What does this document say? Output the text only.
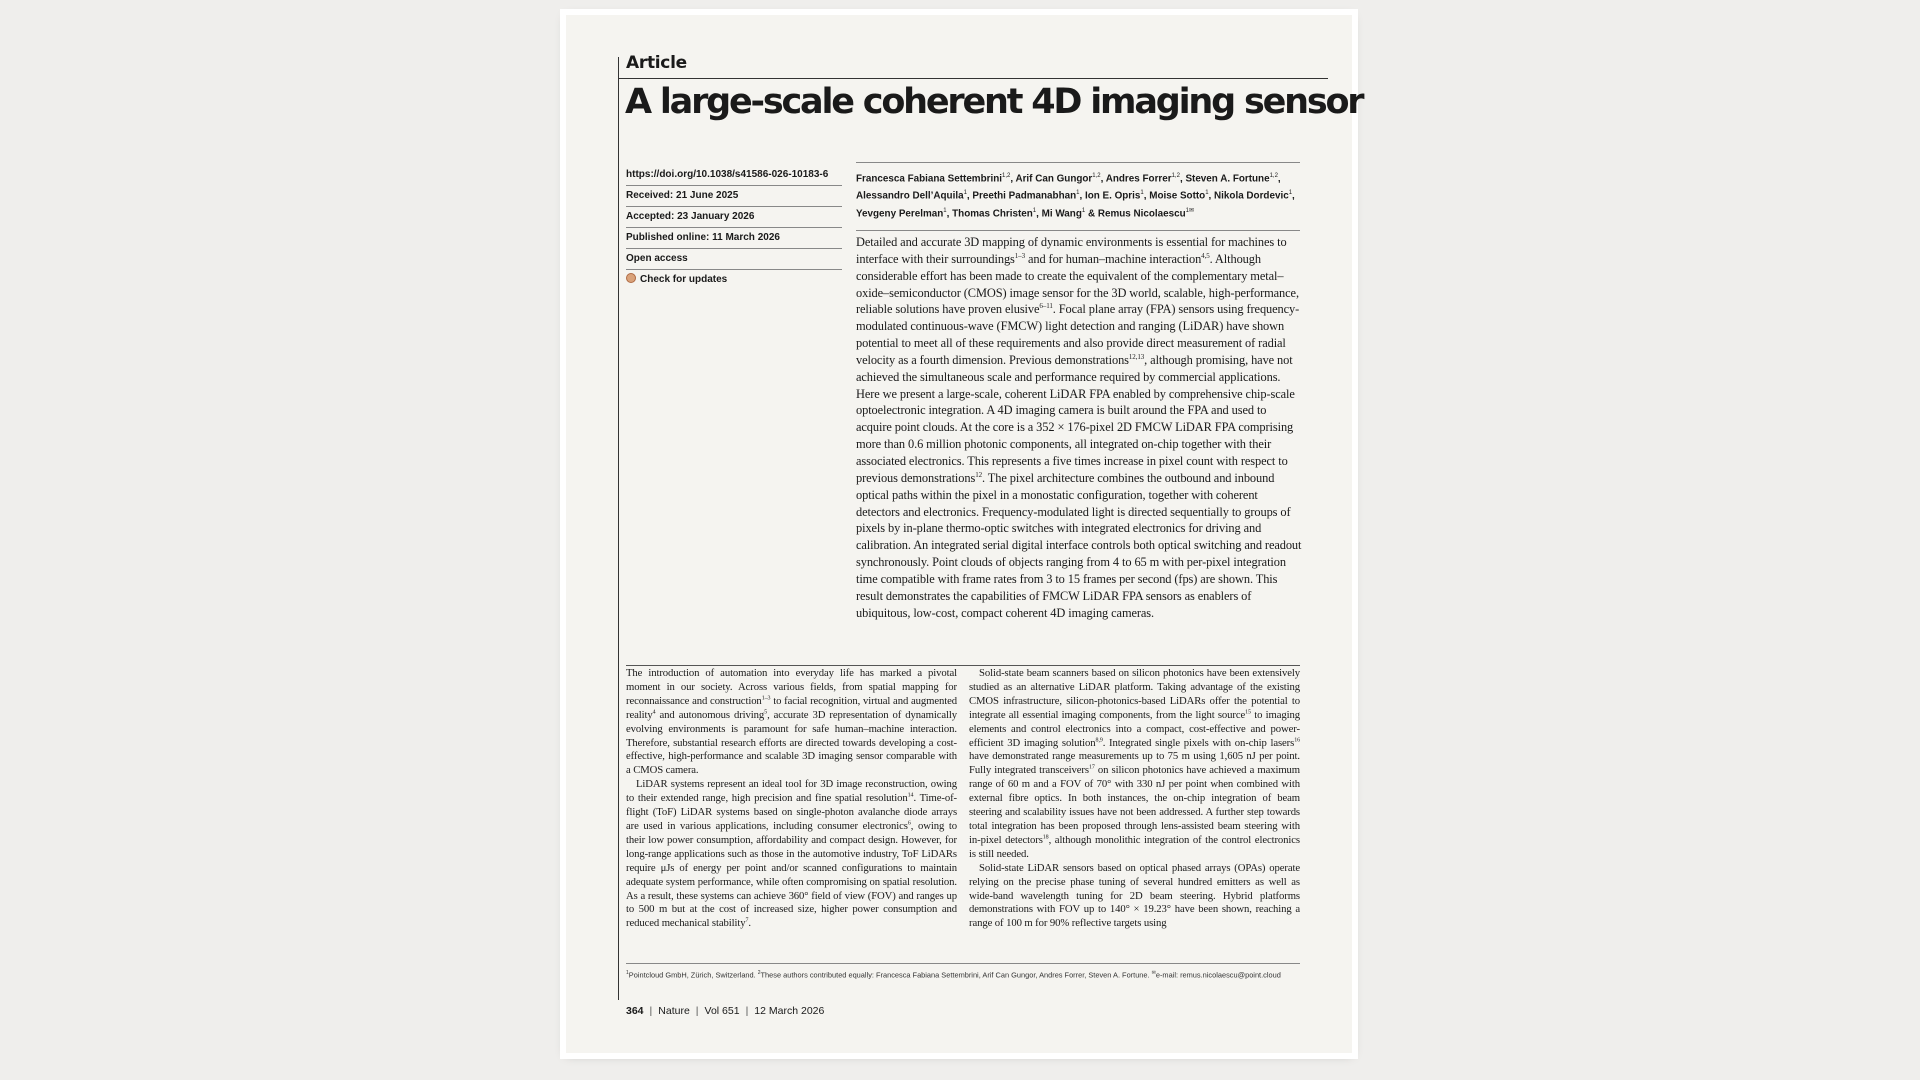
Article
A large-scale coherent 4D imaging sensor
https://doi.org/10.1038/s41586-026-10183-6
Received: 21 June 2025
Accepted: 23 January 2026
Published online: 11 March 2026
Open access
Check for updates
Francesca Fabiana Settembrini$^{1,2}$, Arif Can Gungor$^{1,2}$, Andres Forrer$^{1,2}$, Steven A. Fortune$^{1,2}$, Alessandro Dell’Aquila$^1$, Preethi Padmanabhan$^1$, Ion E. Opris$^1$, Moise Sotto$^1$, Nikola Dordevic$^1$, Yevgeny Perelman$^1$, Thomas Christen$^1$, Mi Wang$^1$ & Remus Nicolaescu$^{1✉}$

Detailed and accurate 3D mapping of dynamic environments is essential for machines to interface with their surroundings$^{1-3}$ and for human–machine interaction$^{4,5}$. Although considerable effort has been made to create the equivalent of the complementary metal–oxide–semiconductor (CMOS) image sensor for the 3D world, scalable, high-performance, reliable solutions have proven elusive$^{6-11}$. Focal plane array (FPA) sensors using frequency-modulated continuous-wave (FMCW) light detection and ranging (LiDAR) have shown potential to meet all of these requirements and also provide direct measurement of radial velocity as a fourth dimension. Previous demonstrations$^{12,13}$, although promising, have not achieved the simultaneous scale and performance required by commercial applications. Here we present a large-scale, coherent LiDAR FPA enabled by comprehensive chip-scale optoelectronic integration. A 4D imaging camera is built around the FPA and used to acquire point clouds. At the core is a 352 × 176-pixel 2D FMCW LiDAR FPA comprising more than 0.6 million photonic components, all integrated on-chip together with their associated electronics. This represents a five times increase in pixel count with respect to previous demonstrations$^{12}$. The pixel architecture combines the outbound and inbound optical paths within the pixel in a monostatic configuration, together with coherent detectors and electronics. Frequency-modulated light is directed sequentially to groups of pixels by in-plane thermo-optic switches with integrated electronics for driving and calibration. An integrated serial digital interface controls both optical switching and readout synchronously. Point clouds of objects ranging from 4 to 65 m with per-pixel integration time compatible with frame rates from 3 to 15 frames per second (fps) are shown. This result demonstrates the capabilities of FMCW LiDAR FPA sensors as enablers of ubiquitous, low-cost, compact coherent 4D imaging cameras.

The introduction of automation into everyday life has marked a pivotal moment in our society. Across various fields, from spatial mapping for reconnaissance and construction$^{1-3}$ to facial recognition, virtual and augmented reality$^4$ and autonomous driving$^5$, accurate 3D representation of dynamically evolving environments is paramount for safe human–machine interaction. Therefore, substantial research efforts are directed towards developing a cost-effective, high-performance and scalable 3D imaging sensor comparable with a CMOS camera.

LiDAR systems represent an ideal tool for 3D image reconstruction, owing to their extended range, high precision and fine spatial resolution$^{14}$. Time-of-flight (ToF) LiDAR systems based on single-photon avalanche diode arrays are used in various applications, including consumer electronics$^6$, owing to their low power consumption, affordability and compact design. However, for long-range applications such as those in the automotive industry, ToF LiDARs require μJs of energy per point and/or scanned configurations to maintain adequate system performance, while often compromising on spatial resolution. As a result, these systems can achieve 360° field of view (FOV) and ranges up to 500 m but at the cost of increased size, higher power consumption and reduced mechanical stability$^7$.

Solid-state beam scanners based on silicon photonics have been extensively studied as an alternative LiDAR platform. Taking advantage of the existing CMOS infrastructure, silicon-photonics-based LiDARs offer the potential to integrate all essential imaging components, from the light source$^{15}$ to imaging elements and control electronics into a compact, cost-effective and power-efficient 3D imaging solution$^{8,9}$. Integrated single pixels with on-chip lasers$^{16}$ have demonstrated range measurements up to 75 m using 1,605 nJ per point. Fully integrated transceivers$^{17}$ on silicon photonics have achieved a maximum range of 60 m and a FOV of 70° with 330 nJ per point when combined with external fibre optics. In both instances, the on-chip integration of beam steering and scalability issues have not been addressed. A further step towards total integration has been proposed through lens-assisted beam steering with in-pixel detectors$^{18}$, although monolithic integration of the control electronics is still needed.

Solid-state LiDAR sensors based on optical phased arrays (OPAs) operate relying on the precise phase tuning of several hundred emitters as well as wide-band wavelength tuning for 2D beam steering. Hybrid platforms demonstrations with FOV up to 140° × 19.23° have been shown, reaching a range of 100 m for 90% reflective targets using

$^1$Pointcloud GmbH, Zürich, Switzerland. $^2$These authors contributed equally: Francesca Fabiana Settembrini, Arif Can Gungor, Andres Forrer, Steven A. Fortune. ✉e-mail: remus.nicolaescu@point.cloud
364 | Nature | Vol 651 | 12 March 2026
